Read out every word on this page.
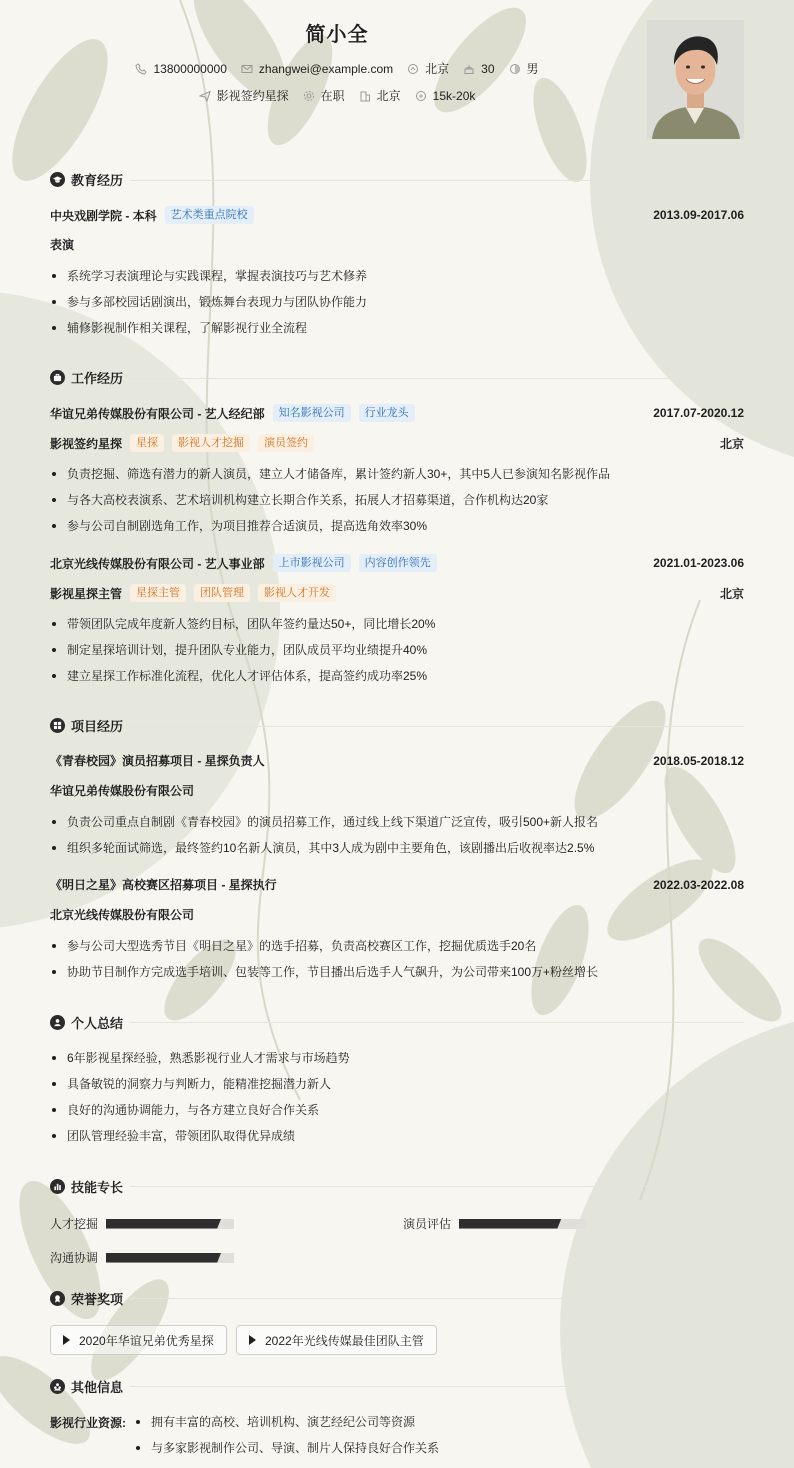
简小全
13800000000	zhangwei@example.com	北京	30	男
影视签约星探	在职	北京	15k-20k
教育经历
中央戏剧学院 - 本科	艺术类重点院校	2013.09-2017.06
表演
系统学习表演理论与实践课程，掌握表演技巧与艺术修养
参与多部校园话剧演出，锻炼舞台表现力与团队协作能力
辅修影视制作相关课程，了解影视行业全流程
工作经历
华谊兄弟传媒股份有限公司 - 艺人经纪部	知名影视公司	行业龙头	2017.07-2020.12
影视签约星探	星探	影视人才挖掘	演员签约	北京
负责挖掘、筛选有潜力的新人演员，建立人才储备库，累计签约新人30+，其中5人已参演知名影视作品
与各大高校表演系、艺术培训机构建立长期合作关系，拓展人才招募渠道，合作机构达20家
参与公司自制剧选角工作，为项目推荐合适演员，提高选角效率30%
北京光线传媒股份有限公司 - 艺人事业部	上市影视公司	内容创作领先	2021.01-2023.06
影视星探主管	星探主管	团队管理	影视人才开发	北京
带领团队完成年度新人签约目标，团队年签约量达50+，同比增长20%
制定星探培训计划，提升团队专业能力，团队成员平均业绩提升40%
建立星探工作标准化流程，优化人才评估体系，提高签约成功率25%
项目经历
《青春校园》演员招募项目 - 星探负责人	2018.05-2018.12
华谊兄弟传媒股份有限公司
负责公司重点自制剧《青春校园》的演员招募工作，通过线上线下渠道广泛宣传，吸引500+新人报名
组织多轮面试筛选，最终签约10名新人演员，其中3人成为剧中主要角色，该剧播出后收视率达2.5%
《明日之星》高校赛区招募项目 - 星探执行	2022.03-2022.08
北京光线传媒股份有限公司
参与公司大型选秀节目《明日之星》的选手招募，负责高校赛区工作，挖掘优质选手20名
协助节目制作方完成选手培训、包装等工作，节目播出后选手人气飙升，为公司带来100万+粉丝增长
个人总结
6年影视星探经验，熟悉影视行业人才需求与市场趋势
具备敏锐的洞察力与判断力，能精准挖掘潜力新人
良好的沟通协调能力，与各方建立良好合作关系
团队管理经验丰富，带领团队取得优异成绩
技能专长
人才挖掘	演员评估
沟通协调
荣誉奖项
2020年华谊兄弟优秀星探	2022年光线传媒最佳团队主管
其他信息
影视行业资源:	拥有丰富的高校、培训机构、演艺经纪公司等资源
与多家影视制作公司、导演、制片人保持良好合作关系
